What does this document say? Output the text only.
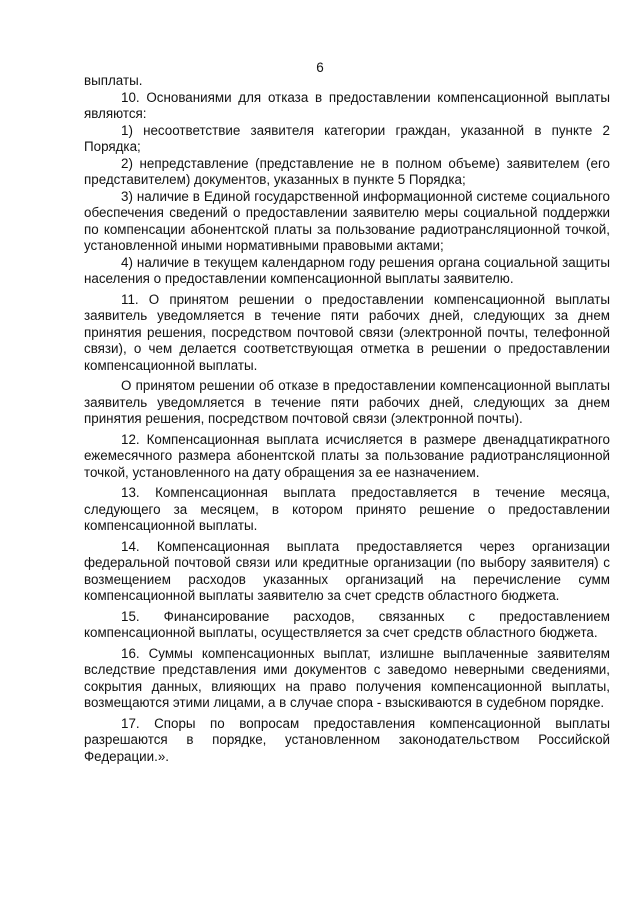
6

выплаты.

10. Основаниями для отказа в предоставлении компенсационной выплаты являются:

1) несоответствие заявителя категории граждан, указанной в пункте 2 Порядка;

2) непредставление (представление не в полном объеме) заявителем (его представителем) документов, указанных в пункте 5 Порядка;

3) наличие в Единой государственной информационной системе социального обеспечения сведений о предоставлении заявителю меры социальной поддержки по компенсации абонентской платы за пользование радиотрансляционной точкой, установленной иными нормативными правовыми актами;

4) наличие в текущем календарном году решения органа социальной защиты населения о предоставлении компенсационной выплаты заявителю.

11. О принятом решении о предоставлении компенсационной выплаты заявитель уведомляется в течение пяти рабочих дней, следующих за днем принятия решения, посредством почтовой связи (электронной почты, телефонной связи), о чем делается соответствующая отметка в решении о предоставлении компенсационной выплаты.

О принятом решении об отказе в предоставлении компенсационной выплаты заявитель уведомляется в течение пяти рабочих дней, следующих за днем принятия решения, посредством почтовой связи (электронной почты).

12. Компенсационная выплата исчисляется в размере двенадцатикратного ежемесячного размера абонентской платы за пользование радиотрансляционной точкой, установленного на дату обращения за ее назначением.

13. Компенсационная выплата предоставляется в течение месяца, следующего за месяцем, в котором принято решение о предоставлении компенсационной выплаты.

14. Компенсационная выплата предоставляется через организации федеральной почтовой связи или кредитные организации (по выбору заявителя) с возмещением расходов указанных организаций на перечисление сумм компенсационной выплаты заявителю за счет средств областного бюджета.

15. Финансирование расходов, связанных с предоставлением компенсационной выплаты, осуществляется за счет средств областного бюджета.

16. Суммы компенсационных выплат, излишне выплаченные заявителям вследствие представления ими документов с заведомо неверными сведениями, сокрытия данных, влияющих на право получения компенсационной выплаты, возмещаются этими лицами, а в случае спора - взыскиваются в судебном порядке.

17. Споры по вопросам предоставления компенсационной выплаты разрешаются в порядке, установленном законодательством Российской Федерации.».
